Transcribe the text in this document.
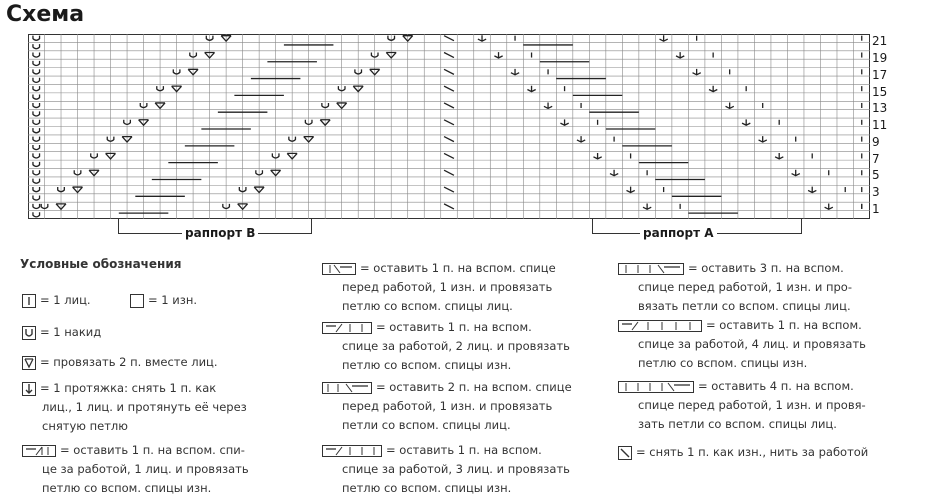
Схема
21
19
17
15
13
11
9
7
5
3
1
раппорт В	раппорт А
Условные обозначения
= 1 лиц.	= 1 изн.
= 1 накид
= провязать 2 п. вместе лиц.
= 1 протяжка: снять 1 п. как
лиц., 1 лиц. и протянуть её через
снятую петлю
= оставить 1 п. на вспом. спи-
це за работой, 1 лиц. и провязать
петлю со вспом. спицы изн.
= оставить 1 п. на вспом. спице
перед работой, 1 изн. и провязать
петлю со вспом. спицы лиц.
= оставить 1 п. на вспом.
спице за работой, 2 лиц. и провязать
петлю со вспом. спицы изн.
= оставить 2 п. на вспом. спице
перед работой, 1 изн. и провязать
петли со вспом. спицы лиц.
= оставить 1 п. на вспом.
спице за работой, 3 лиц. и провязать
петлю со вспом. спицы изн.
= оставить 3 п. на вспом.
спице перед работой, 1 изн. и про-
вязать петли со вспом. спицы лиц.
= оставить 1 п. на вспом.
спице за работой, 4 лиц. и провязать
петлю со вспом. спицы изн.
= оставить 4 п. на вспом.
спице перед работой, 1 изн. и провя-
зать петли со вспом. спицы лиц.
= снять 1 п. как изн., нить за работой
